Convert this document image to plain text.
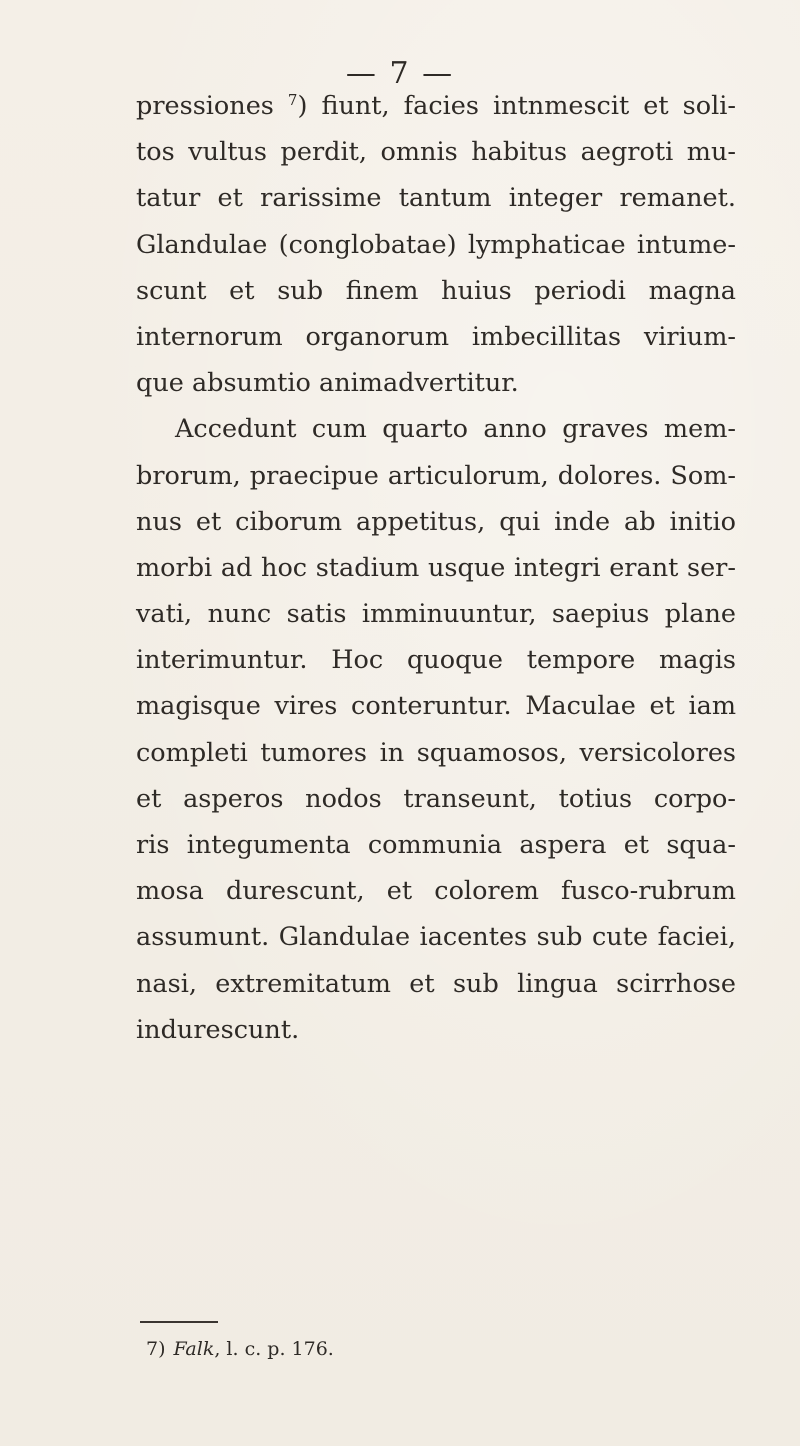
— 7 —
pressiones $^7$) fiunt, facies intnmescit et soli-
tos vultus perdit, omnis habitus aegroti mu-
tatur et rarissime tantum integer remanet.
Glandulae (conglobatae) lymphaticae intume-
scunt et sub finem huius periodi magna
internorum organorum imbecillitas virium-
que absumtio animadvertitur.
Accedunt cum quarto anno graves mem-
brorum, praecipue articulorum, dolores. Som-
nus et ciborum appetitus, qui inde ab initio
morbi ad hoc stadium usque integri erant ser-
vati, nunc satis imminuuntur, saepius plane
interimuntur. Hoc quoque tempore magis
magisque vires conteruntur. Maculae et iam
completi tumores in squamosos, versicolores
et asperos nodos transeunt, totius corpo-
ris integumenta communia aspera et squa-
mosa durescunt, et colorem fusco-rubrum
assumunt. Glandulae iacentes sub cute faciei,
nasi, extremitatum et sub lingua scirrhose
indurescunt.
7) Falk, l. c. p. 176.
